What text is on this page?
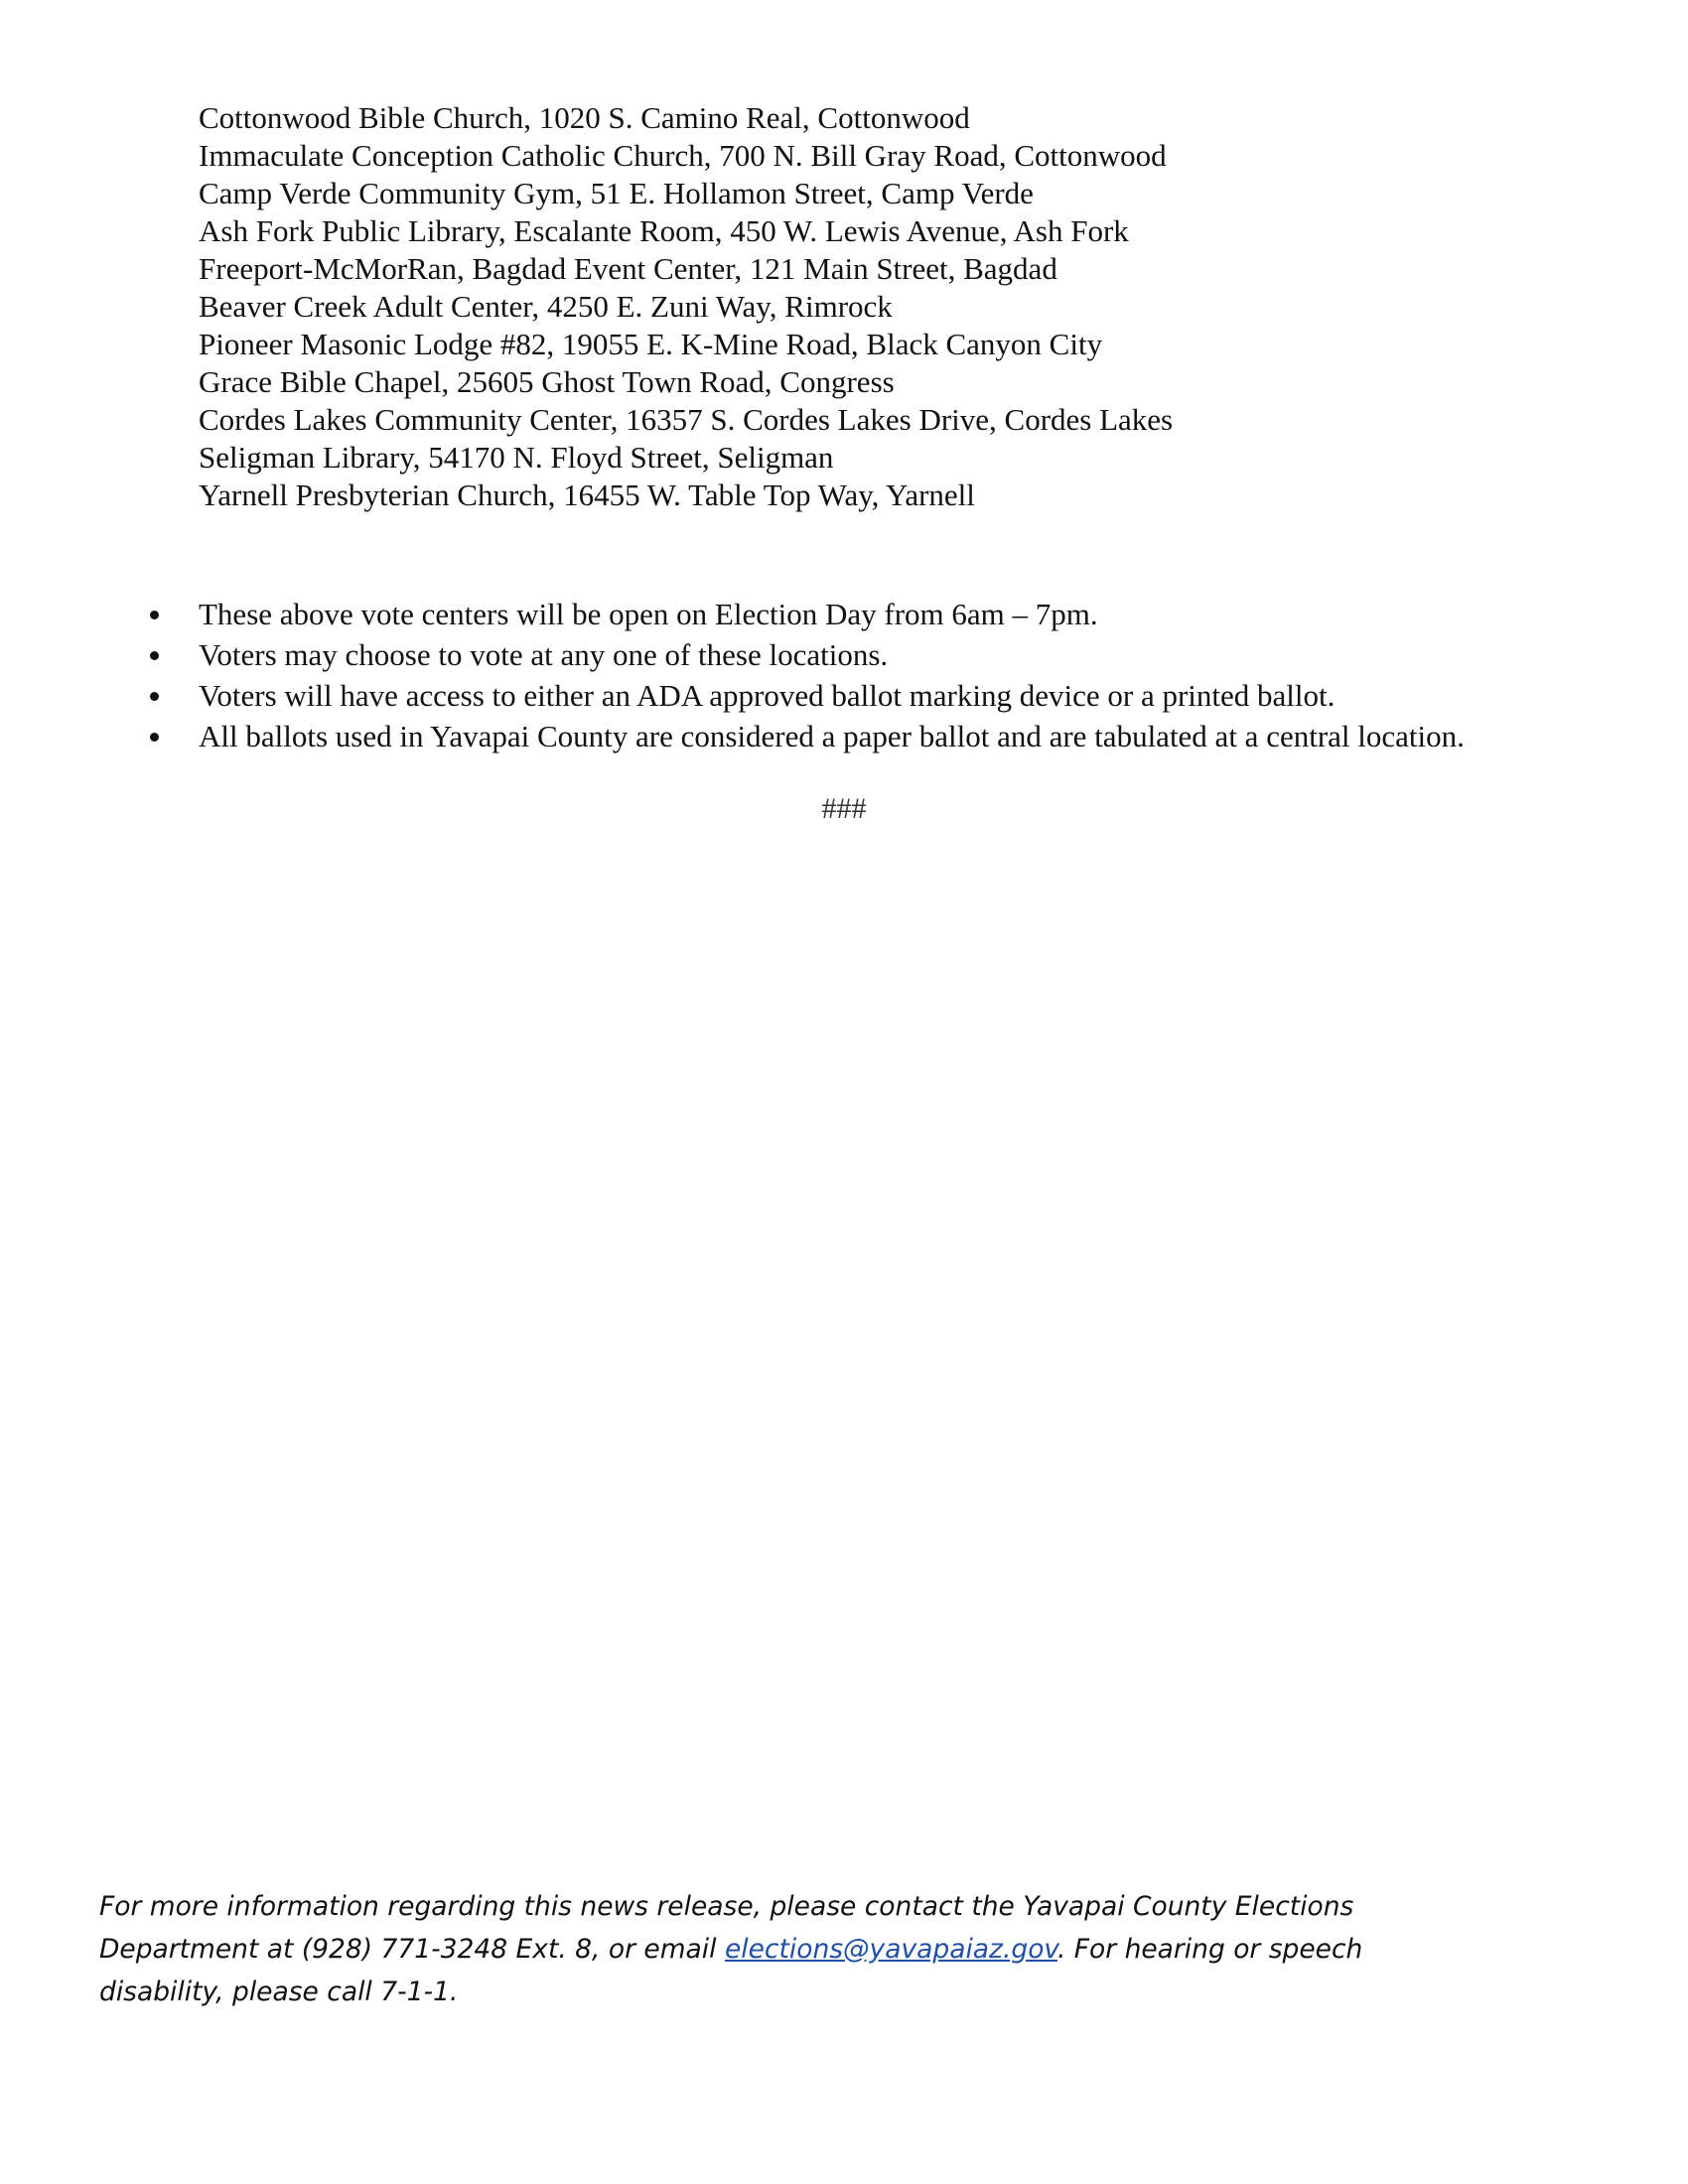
Cottonwood Bible Church, 1020 S. Camino Real, Cottonwood
Immaculate Conception Catholic Church, 700 N. Bill Gray Road, Cottonwood
Camp Verde Community Gym, 51 E. Hollamon Street, Camp Verde
Ash Fork Public Library, Escalante Room, 450 W. Lewis Avenue, Ash Fork
Freeport-McMorRan, Bagdad Event Center, 121 Main Street, Bagdad
Beaver Creek Adult Center, 4250 E. Zuni Way, Rimrock
Pioneer Masonic Lodge #82, 19055 E. K-Mine Road, Black Canyon City
Grace Bible Chapel, 25605 Ghost Town Road, Congress
Cordes Lakes Community Center, 16357 S. Cordes Lakes Drive, Cordes Lakes
Seligman Library, 54170 N. Floyd Street, Seligman
Yarnell Presbyterian Church, 16455 W. Table Top Way, Yarnell
These above vote centers will be open on Election Day from 6am – 7pm.
Voters may choose to vote at any one of these locations.
Voters will have access to either an ADA approved ballot marking device or a printed ballot.
All ballots used in Yavapai County are considered a paper ballot and are tabulated at a central location.
###

For more information regarding this news release, please contact the Yavapai County Elections Department at (928) 771-3248 Ext. 8, or email elections@yavapaiaz.gov. For hearing or speech disability, please call 7-1-1.
